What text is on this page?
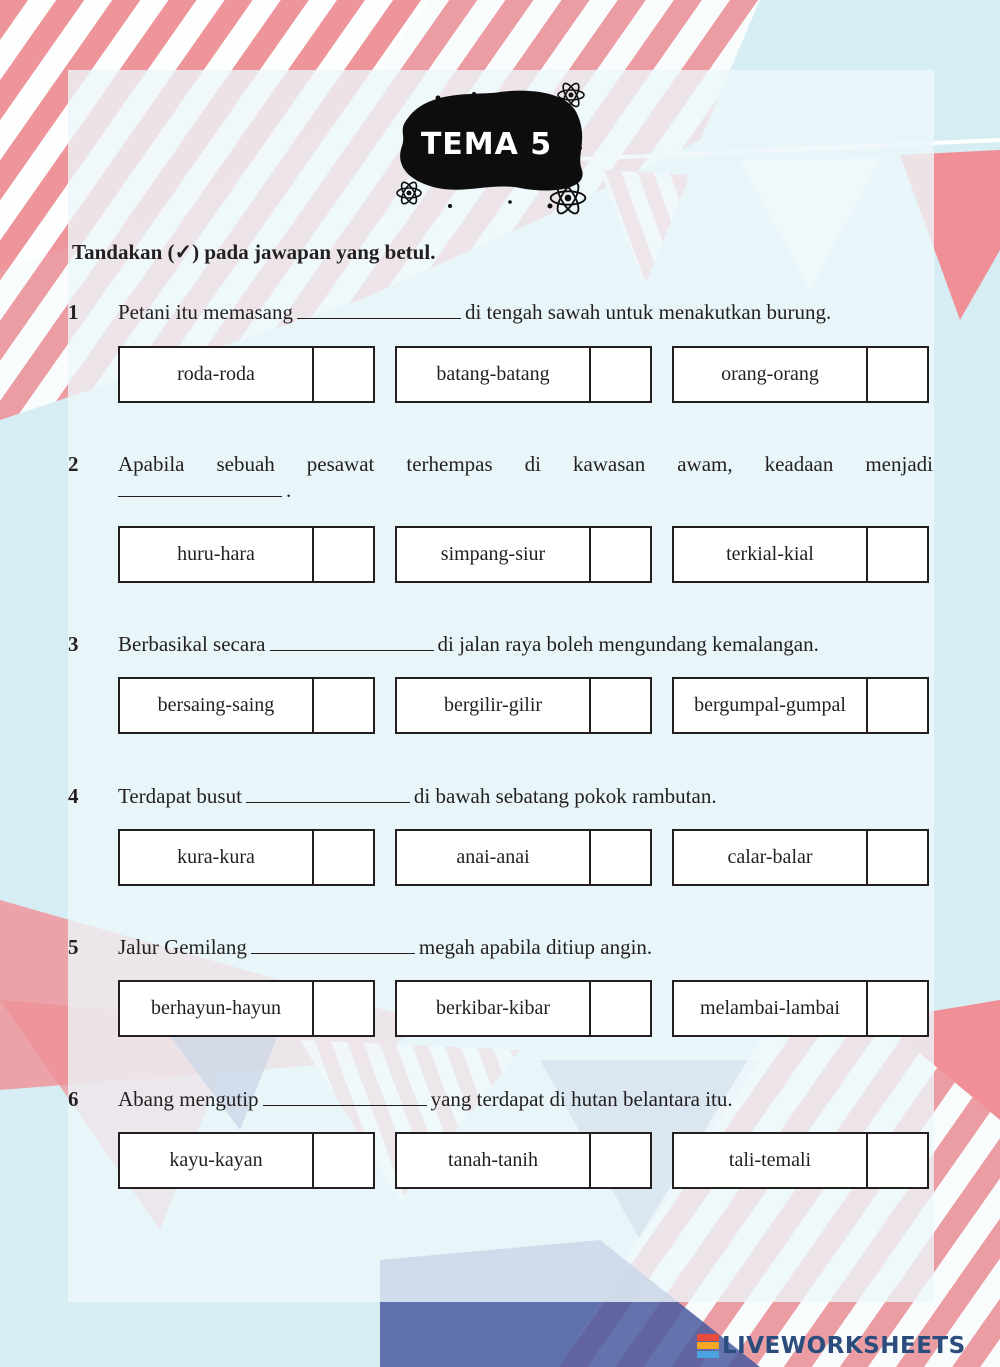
TEMA 5
Tandakan (✓) pada jawapan yang betul.
1 Petani itu memasang	di tengah sawah untuk menakutkan burung.
roda-roda	batang-batang	orang-orang
2 Apabila sebuah pesawat terhempas di kawasan awam, keadaan menjadi
.
huru-hara	simpang-siur	terkial-kial
3 Berbasikal secara	di jalan raya boleh mengundang kemalangan.
bersaing-saing	bergilir-gilir	bergumpal-gumpal
4 Terdapat busut	di bawah sebatang pokok rambutan.
kura-kura	anai-anai	calar-balar
5 Jalur Gemilang	megah apabila ditiup angin.
berhayun-hayun	berkibar-kibar	melambai-lambai
6 Abang mengutip	yang terdapat di hutan belantara itu.
kayu-kayan	tanah-tanih	tali-temali
LIVEWORKSHEETS
